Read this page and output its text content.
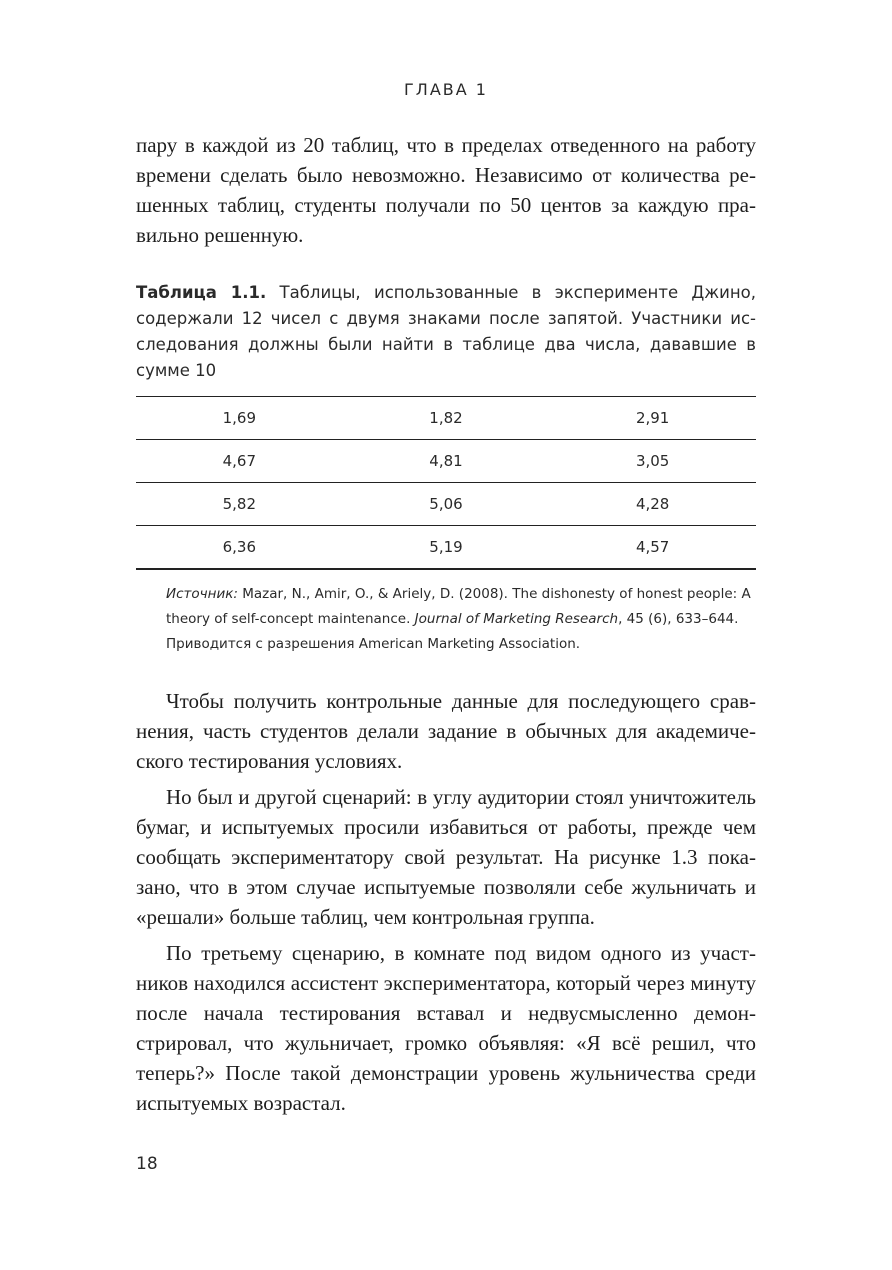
ГЛАВА 1

пару в каждой из 20 таблиц, что в пределах отведенного на работу времени сделать было невозможно. Независимо от количества решенных таблиц, студенты получали по 50 центов за каждую правильно решенную.

Таблица 1.1. Таблицы, использованные в эксперименте Джино, содержали 12 чисел с двумя знаками после запятой. Участники исследования должны были найти в таблице два числа, дававшие в сумме 10
1,69	1,82	2,91
4,67	4,81	3,05
5,82	5,06	4,28
6,36	5,19	4,57
Источник: Mazar, N., Amir, O., & Ariely, D. (2008). The dishonesty of honest people: A theory of self-concept maintenance. Journal of Marketing Research, 45 (6), 633–644. Приводится с разрешения American Marketing Association.

Чтобы получить контрольные данные для последующего сравнения, часть студентов делали задание в обычных для академического тестирования условиях.

Но был и другой сценарий: в углу аудитории стоял уничтожитель бумаг, и испытуемых просили избавиться от работы, прежде чем сообщать экспериментатору свой результат. На рисунке 1.3 показано, что в этом случае испытуемые позволяли себе жульничать и «решали» больше таблиц, чем контрольная группа.

По третьему сценарию, в комнате под видом одного из участников находился ассистент экспериментатора, который через минуту после начала тестирования вставал и недвусмысленно демонстрировал, что жульничает, громко объявляя: «Я всё решил, что теперь?» После такой демонстрации уровень жульничества среди испытуемых возрастал.

18
